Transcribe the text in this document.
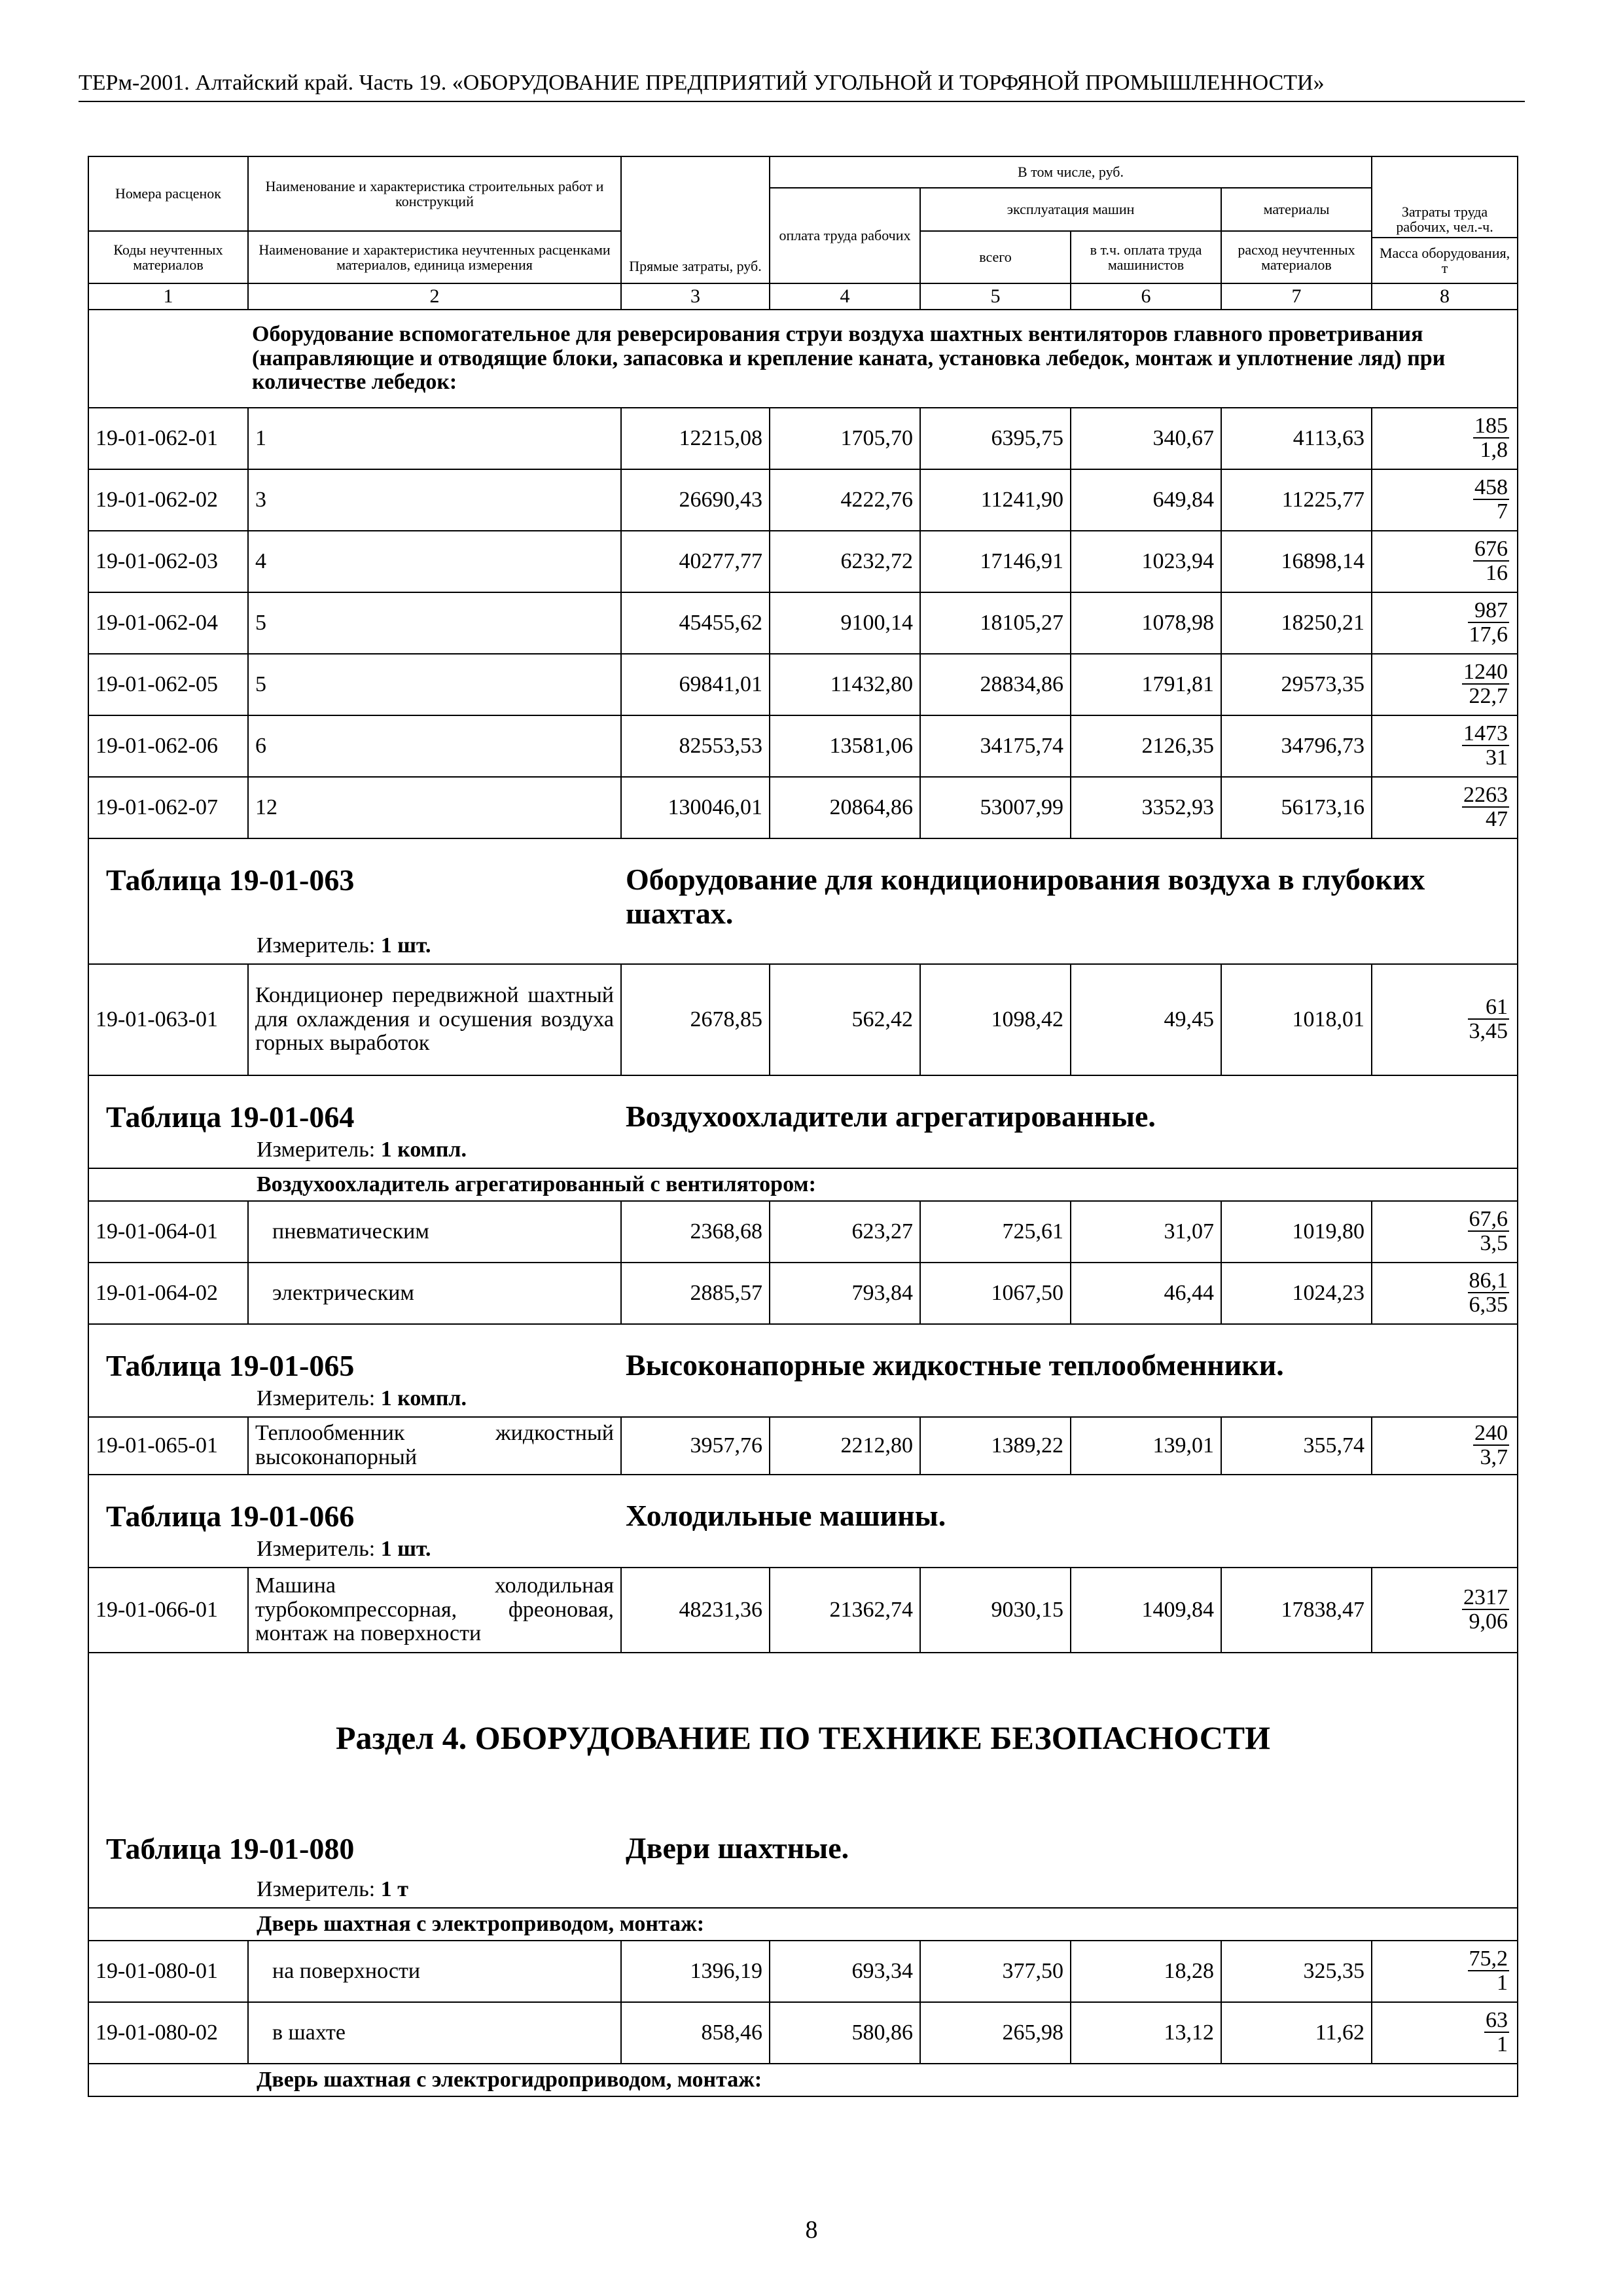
ТЕРм-2001. Алтайский край. Часть 19. «ОБОРУДОВАНИЕ ПРЕДПРИЯТИЙ УГОЛЬНОЙ И ТОРФЯНОЙ ПРОМЫШЛЕННОСТИ»
Номера расценок	Наименование и характеристика строительных работ и конструкций	Прямые затраты, руб.	В том числе, руб.				Затраты труда рабочих, чел.-ч.
			оплата труда рабочих	эксплуатация машин		материалы	
Коды неучтенных материалов	Наименование и характеристика неучтенных расценками материалов, единица измерения			всего	в т.ч. оплата труда машинистов	расход неучтенных материалов	
							Масса оборудования, т
1	2	3	4	5	6	7	8

	Оборудование вспомогательное для реверсирования струи воздуха шахтных вентиляторов главного проветривания (направляющие и отводящие блоки, запасовка и крепление каната, установка лебедок, монтаж и уплотнение ляд) при количестве лебедок:						

19-01-062-01	1	12215,08	1705,70	6395,75	340,67	4113,63	$\frac{185}{1,8}$

19-01-062-02	3	26690,43	4222,76	11241,90	649,84	11225,77	$\frac{458}{7}$

19-01-062-03	4	40277,77	6232,72	17146,91	1023,94	16898,14	$\frac{676}{16}$

19-01-062-04	5	45455,62	9100,14	18105,27	1078,98	18250,21	$\frac{987}{17,6}$

19-01-062-05	5	69841,01	11432,80	28834,86	1791,81	29573,35	$\frac{1240}{22,7}$

19-01-062-06	6	82553,53	13581,06	34175,74	2126,35	34796,73	$\frac{1473}{31}$

19-01-062-07	12	130046,01	20864,86	53007,99	3352,93	56173,16	$\frac{2263}{47}$

Таблица 19-01-063 Оборудование для кондиционирования воздуха в глубоких шахтах.
Измеритель: 1 шт.							

19-01-063-01	Кондиционер передвижной шахтный для охлаждения и осушения воздуха горных выработок	2678,85	562,42	1098,42	49,45	1018,01	$\frac{61}{3,45}$

Таблица 19-01-064 Воздухоохладители агрегатированные.
Измеритель: 1 компл.							

Воздухоохладитель агрегатированный с вентилятором:							
19-01-064-01	пневматическим	2368,68	623,27	725,61	31,07	1019,80	$\frac{67,6}{3,5}$

19-01-064-02	электрическим	2885,57	793,84	1067,50	46,44	1024,23	$\frac{86,1}{6,35}$

Таблица 19-01-065 Высоконапорные жидкостные теплообменники.
Измеритель: 1 компл.							

19-01-065-01	Теплообменник жидкостный высоконапорный	3957,76	2212,80	1389,22	139,01	355,74	$\frac{240}{3,7}$

Таблица 19-01-066 Холодильные машины.
Измеритель: 1 шт.							

19-01-066-01	Машина холодильная турбокомпрессорная, фреоновая, монтаж на поверхности	48231,36	21362,74	9030,15	1409,84	17838,47	$\frac{2317}{9,06}$

Раздел 4. ОБОРУДОВАНИЕ ПО ТЕХНИКЕ БЕЗОПАСНОСТИ							

Таблица 19-01-080 Двери шахтные.
Измеритель: 1 т							

Дверь шахтная с электроприводом, монтаж:							
19-01-080-01	на поверхности	1396,19	693,34	377,50	18,28	325,35	$\frac{75,2}{1}$

19-01-080-02	в шахте	858,46	580,86	265,98	13,12	11,62	$\frac{63}{1}$

Дверь шахтная с электрогидроприводом, монтаж:							
8
